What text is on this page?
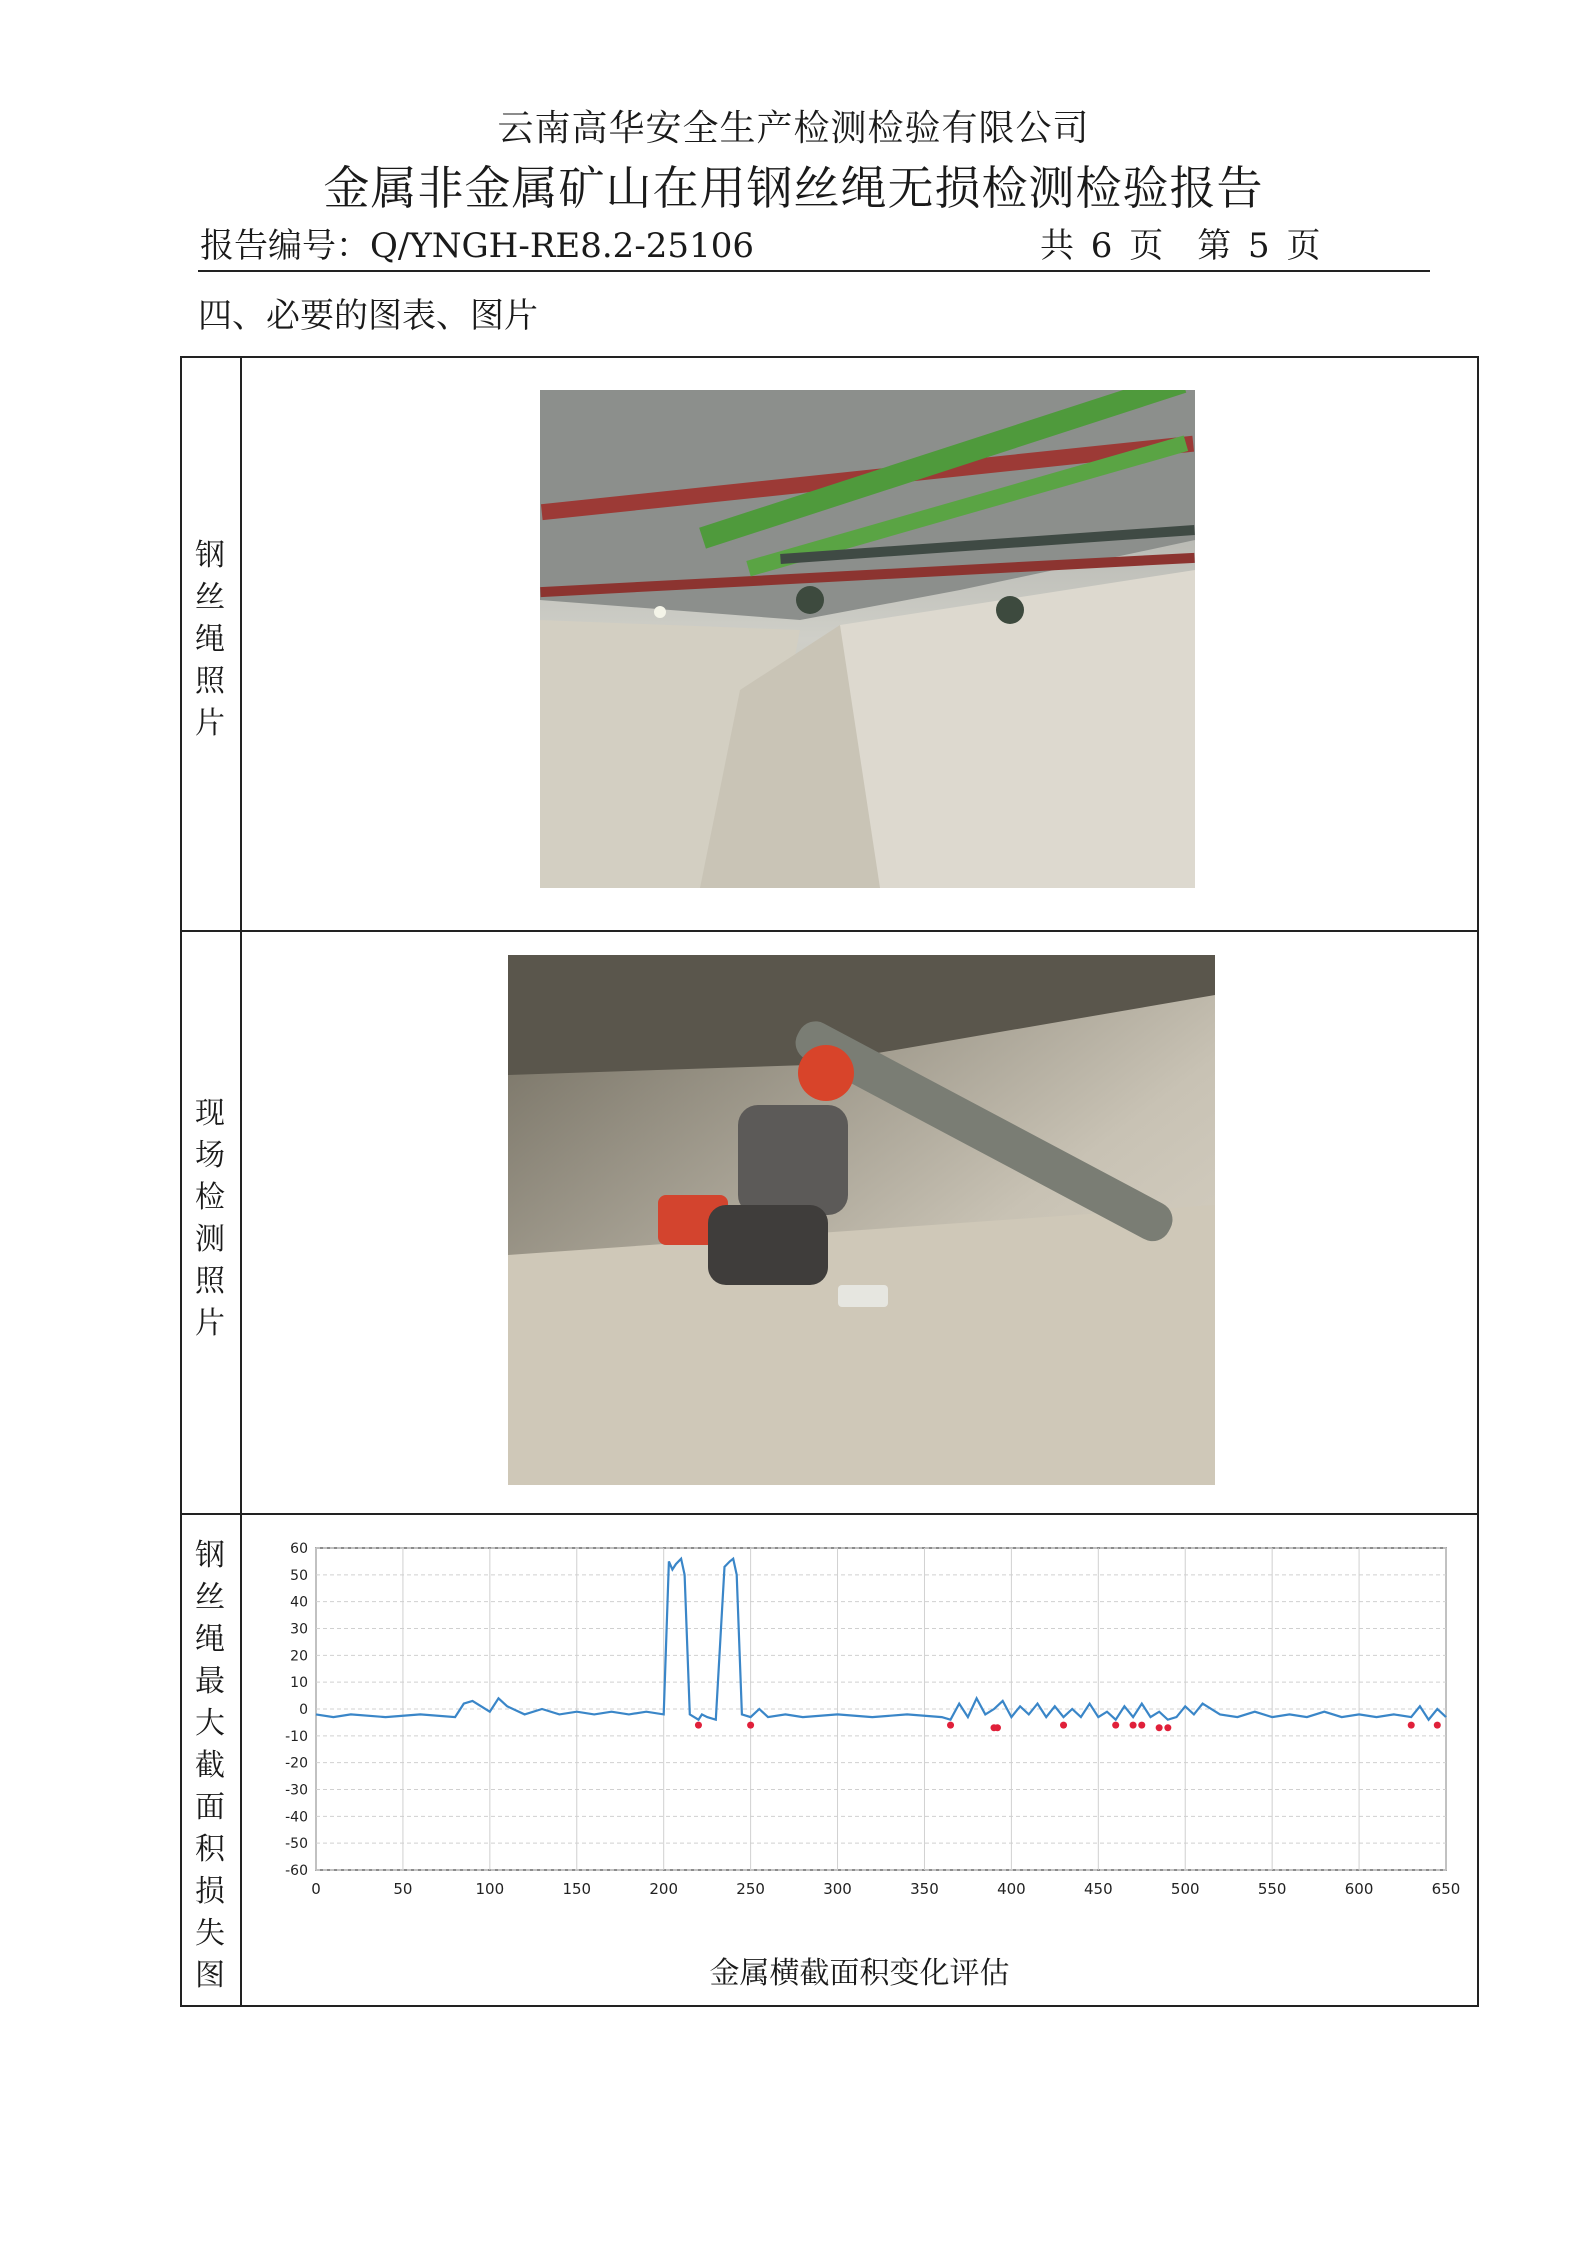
云南高华安全生产检测检验有限公司
金属非金属矿山在用钢丝绳无损检测检验报告
报告编号：Q/YNGH-RE8.2-25106	共 6 页　第 5 页
四、必要的图表、图片
钢丝绳照片
现场检测照片
钢丝绳最大截面积损失图
0	50	100	150	200	250	300	350	400	450	500	550	600	650
60
50
40
30
20
10
0
-10
-20
-30
-40
-50
-60
金属横截面积变化评估
